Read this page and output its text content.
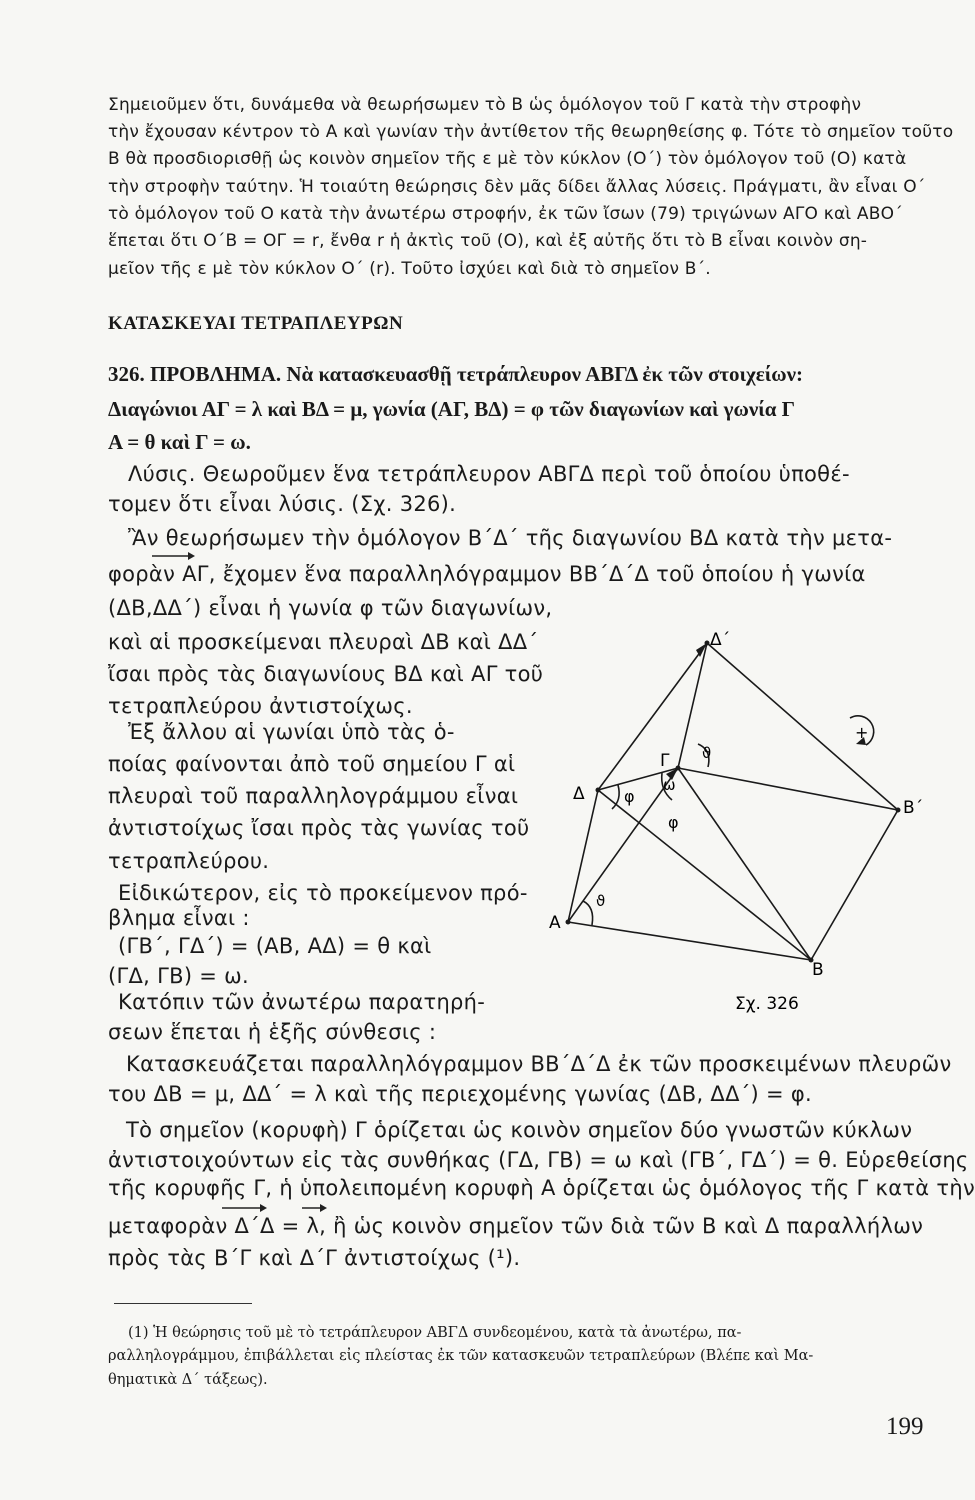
Σημειοῦμεν ὅτι, δυνάμεθα νὰ θεωρήσωμεν τὸ Β ὡς ὁμόλογον τοῦ Γ κατὰ τὴν στροφὴν
τὴν ἔχουσαν κέντρον τὸ Α καὶ γωνίαν τὴν ἀντίθετον τῆς θεωρηθείσης φ. Τότε τὸ σημεῖον τοῦτο
Β θὰ προσδιορισθῇ ὡς κοινὸν σημεῖον τῆς ε μὲ τὸν κύκλον (Ο΄) τὸν ὁμόλογον τοῦ (Ο) κατὰ
τὴν στροφὴν ταύτην. Ἡ τοιαύτη θεώρησις δὲν μᾶς δίδει ἄλλας λύσεις. Πράγματι, ἂν εἶναι Ο΄
τὸ ὁμόλογον τοῦ Ο κατὰ τὴν ἀνωτέρω στροφήν, ἐκ τῶν ἴσων (79) τριγώνων ΑΓΟ καὶ ΑΒΟ΄
ἕπεται ὅτι Ο΄Β = ΟΓ = r, ἔνθα r ἡ ἀκτὶς τοῦ (Ο), καὶ ἐξ αὐτῆς ὅτι τὸ Β εἶναι κοινὸν ση-
μεῖον τῆς ε μὲ τὸν κύκλον Ο΄ (r). Τοῦτο ἰσχύει καὶ διὰ τὸ σημεῖον Β΄.
ΚΑΤΑΣΚΕΥΑΙ ΤΕΤΡΑΠΛΕΥΡΩΝ
326. ΠΡΟΒΛΗΜΑ. Νὰ κατασκευασθῇ τετράπλευρον ΑΒΓΔ ἐκ τῶν στοιχείων:
Διαγώνιοι ΑΓ = λ καὶ ΒΔ = μ, γωνία (ΑΓ, ΒΔ) = φ τῶν διαγωνίων καὶ γωνία Γ
Α = θ καὶ Γ = ω.
Λύσις. Θεωροῦμεν ἕνα τετράπλευρον ΑΒΓΔ περὶ τοῦ ὁποίου ὑποθέ-
τομεν ὅτι εἶναι λύσις. (Σχ. 326).
Ἂν θεωρήσωμεν τὴν ὁμόλογον Β΄Δ΄ τῆς διαγωνίου ΒΔ κατὰ τὴν μετα-
φορὰν ΑΓ, ἔχομεν ἕνα παραλληλόγραμμον ΒΒ΄Δ΄Δ τοῦ ὁποίου ἡ γωνία
(ΔΒ,ΔΔ΄) εἶναι ἡ γωνία φ τῶν διαγωνίων,
καὶ αἱ προσκείμεναι πλευραὶ ΔΒ καὶ ΔΔ΄
ἴσαι πρὸς τὰς διαγωνίους ΒΔ καὶ ΑΓ τοῦ
τετραπλεύρου ἀντιστοίχως.
Ἐξ ἄλλου αἱ γωνίαι ὑπὸ τὰς ὁ-
ποίας φαίνονται ἀπὸ τοῦ σημείου Γ αἱ
πλευραὶ τοῦ παραλληλογράμμου εἶναι
ἀντιστοίχως ἴσαι πρὸς τὰς γωνίας τοῦ
τετραπλεύρου.
Εἰδικώτερον, εἰς τὸ προκείμενον πρό-
βλημα εἶναι :
(ΓΒ΄, ΓΔ΄) = (ΑΒ, ΑΔ) = θ καὶ
(ΓΔ, ΓΒ) = ω.
Κατόπιν τῶν ἀνωτέρω παρατηρή-
σεων ἕπεται ἡ ἑξῆς σύνθεσις :
Κατασκευάζεται παραλληλόγραμμον ΒΒ΄Δ΄Δ ἐκ τῶν προσκειμένων πλευρῶν
του ΔΒ = μ, ΔΔ΄ = λ καὶ τῆς περιεχομένης γωνίας (ΔΒ, ΔΔ΄) = φ.
Τὸ σημεῖον (κορυφὴ) Γ ὁρίζεται ὡς κοινὸν σημεῖον δύο γνωστῶν κύκλων
ἀντιστοιχούντων εἰς τὰς συνθήκας (ΓΔ, ΓΒ) = ω καὶ (ΓΒ΄, ΓΔ΄) = θ. Εὑρεθείσης
τῆς κορυφῆς Γ, ἡ ὑπολειπομένη κορυφὴ Α ὁρίζεται ὡς ὁμόλογος τῆς Γ κατὰ τὴν
μεταφορὰν Δ΄Δ = λ, ἢ ὡς κοινὸν σημεῖον τῶν διὰ τῶν Β καὶ Δ παραλλήλων
πρὸς τὰς Β΄Γ καὶ Δ΄Γ ἀντιστοίχως (¹).
(1) Ἡ θεώρησις τοῦ μὲ τὸ τετράπλευρον ΑΒΓΔ συνδεομένου, κατὰ τὰ ἀνωτέρω, πα-
ραλληλογράμμου, ἐπιβάλλεται εἰς πλείστας ἐκ τῶν κατασκευῶν τετραπλεύρων (Βλέπε καὶ Μα-
θηματικὰ Δ΄ τάξεως).
199
Δ΄
Β΄
Γ
Δ
Α
Β
φ
φ
ω
ϑ
ϑ
+
Σχ. 326
